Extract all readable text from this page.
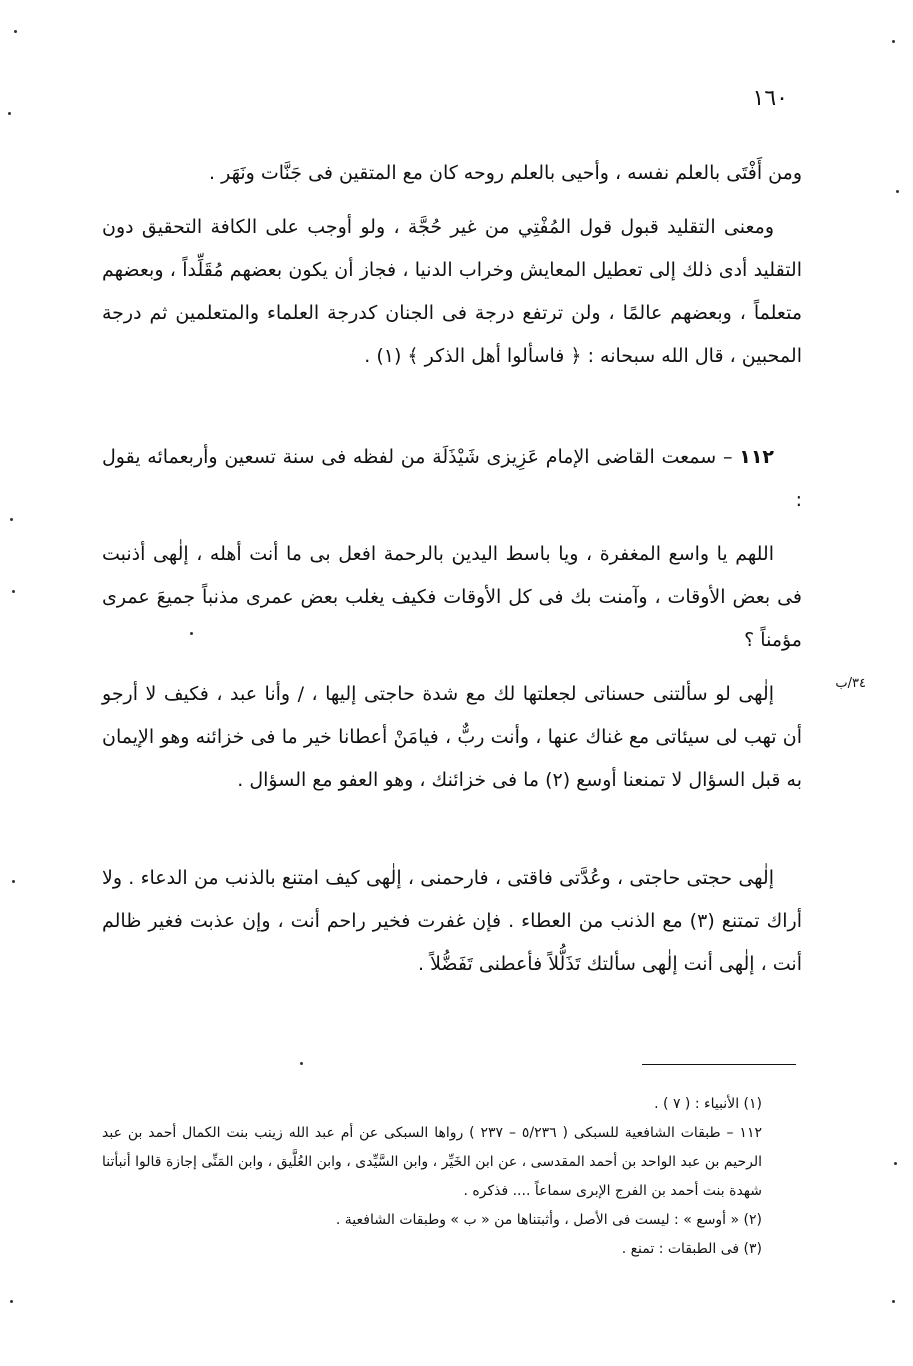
١٦٠

ومن أَفْتَى بالعلم نفسه ، وأحيى بالعلم روحه كان مع المتقين فى جَنَّات ونَهَر .

ومعنى التقليد قبول قول المُفْتِي من غير حُجَّة ، ولو أوجب على الكافة التحقيق دون التقليد أدى ذلك إلى تعطيل المعايش وخراب الدنيا ، فجاز أن يكون بعضهم مُقَلِّداً ، وبعضهم متعلماً ، وبعضهم عالمًا ، ولن ترتفع درجة فى الجنان كدرجة العلماء والمتعلمين ثم درجة المحبين ، قال الله سبحانه : ﴿ فاسألوا أهل الذكر ﴾ (١) .

١١٢ – سمعت القاضى الإمام عَزِيزى شَيْذَلَة من لفظه فى سنة تسعين وأربعمائه يقول :

اللهم يا واسع المغفرة ، ويا باسط اليدين بالرحمة افعل بى ما أنت أهله ، إلٰهى أذنبت فى بعض الأوقات ، وآمنت بك فى كل الأوقات فكيف يغلب بعض عمرى مذنباً جميعَ عمرى مؤمناً ؟

٣٤/ب

إلٰهى لو سألتنى حسناتى لجعلتها لك مع شدة حاجتى إليها ، / وأنا عبد ، فكيف لا أرجو أن تهب لى سيئاتى مع غناك عنها ، وأنت ربٌّ ، فيامَنْ أعطانا خير ما فى خزائنه وهو الإيمان به قبل السؤال لا تمنعنا أوسع (٢) ما فى خزائنك ، وهو العفو مع السؤال .

إلٰهى حجتى حاجتى ، وعُدَّتى فاقتى ، فارحمنى ، إلٰهى كيف امتنع بالذنب من الدعاء . ولا أراك تمتنع (٣) مع الذنب من العطاء . فإن غفرت فخير راحم أنت ، وإن عذبت فغير ظالم أنت ، إلٰهى أنت إلٰهى سألتك تَذَلُّلاً فأعطنى تَفَضُّلاً .

(١) الأنبياء : ( ٧ ) .

١١٢ – طبقات الشافعية للسبكى ( ٥/٢٣٦ – ٢٣٧ ) رواها السبكى عن أم عبد الله زينب بنت الكمال أحمد بن عبد الرحيم بن عبد الواحد بن أحمد المقدسى ، عن ابن الخَيِّر ، وابن السَّيِّدى ، وابن العُلَّيق ، وابن المَنِّى إجازة قالوا أنبأتنا شهدة بنت أحمد بن الفرج الإبرى سماعاً .... فذكره .

(٢) « أوسع » : ليست فى الأصل ، وأثبتناها من « ب » وطبقات الشافعية .

(٣) فى الطبقات : تمنع .
